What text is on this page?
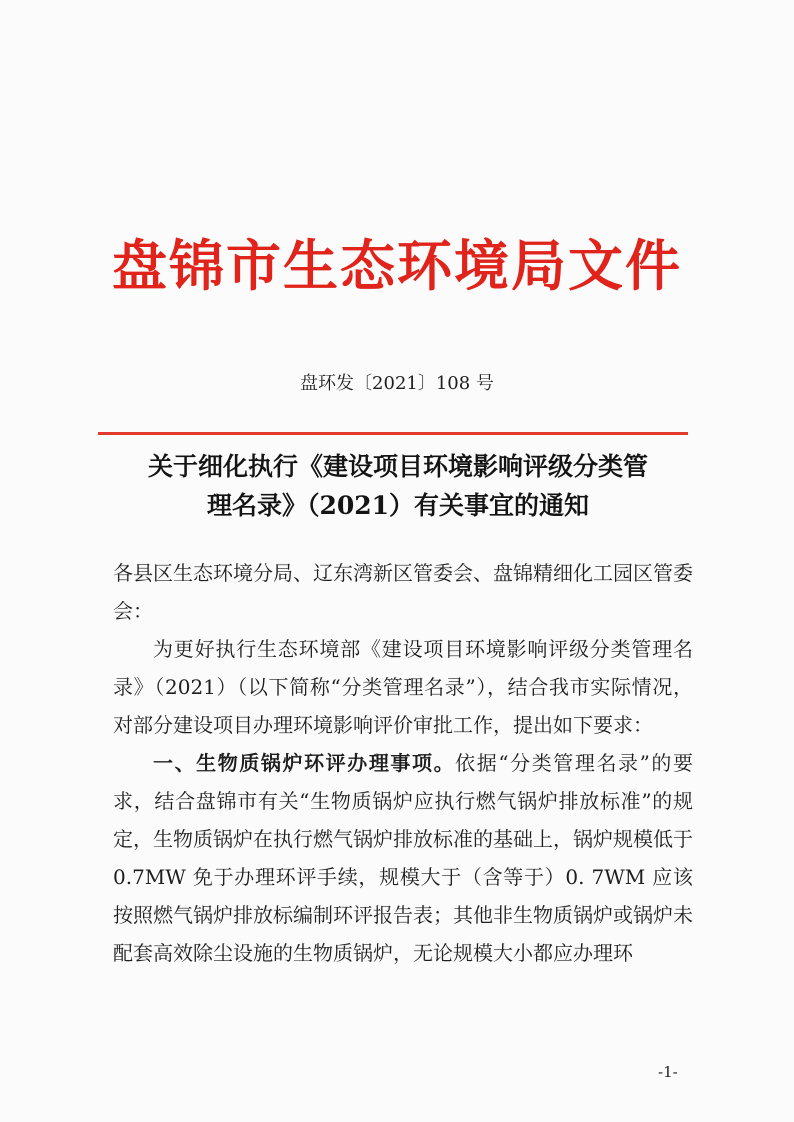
盘锦市生态环境局文件
盘环发〔2021〕108 号
关于细化执行《建设项目环境影响评级分类管
理名录》（2021）有关事宜的通知

各县区生态环境分局、辽东湾新区管委会、盘锦精细化工园区管委会：

为更好执行生态环境部《建设项目环境影响评级分类管理名录》（2021）（以下简称“分类管理名录”），结合我市实际情况，对部分建设项目办理环境影响评价审批工作，提出如下要求：

一、生物质锅炉环评办理事项。依据“分类管理名录”的要求，结合盘锦市有关“生物质锅炉应执行燃气锅炉排放标准”的规定，生物质锅炉在执行燃气锅炉排放标准的基础上，锅炉规模低于 0.7MW 免于办理环评手续，规模大于（含等于）0. 7WM 应该按照燃气锅炉排放标编制环评报告表；其他非生物质锅炉或锅炉未配套高效除尘设施的生物质锅炉，无论规模大小都应办理环

-1-
